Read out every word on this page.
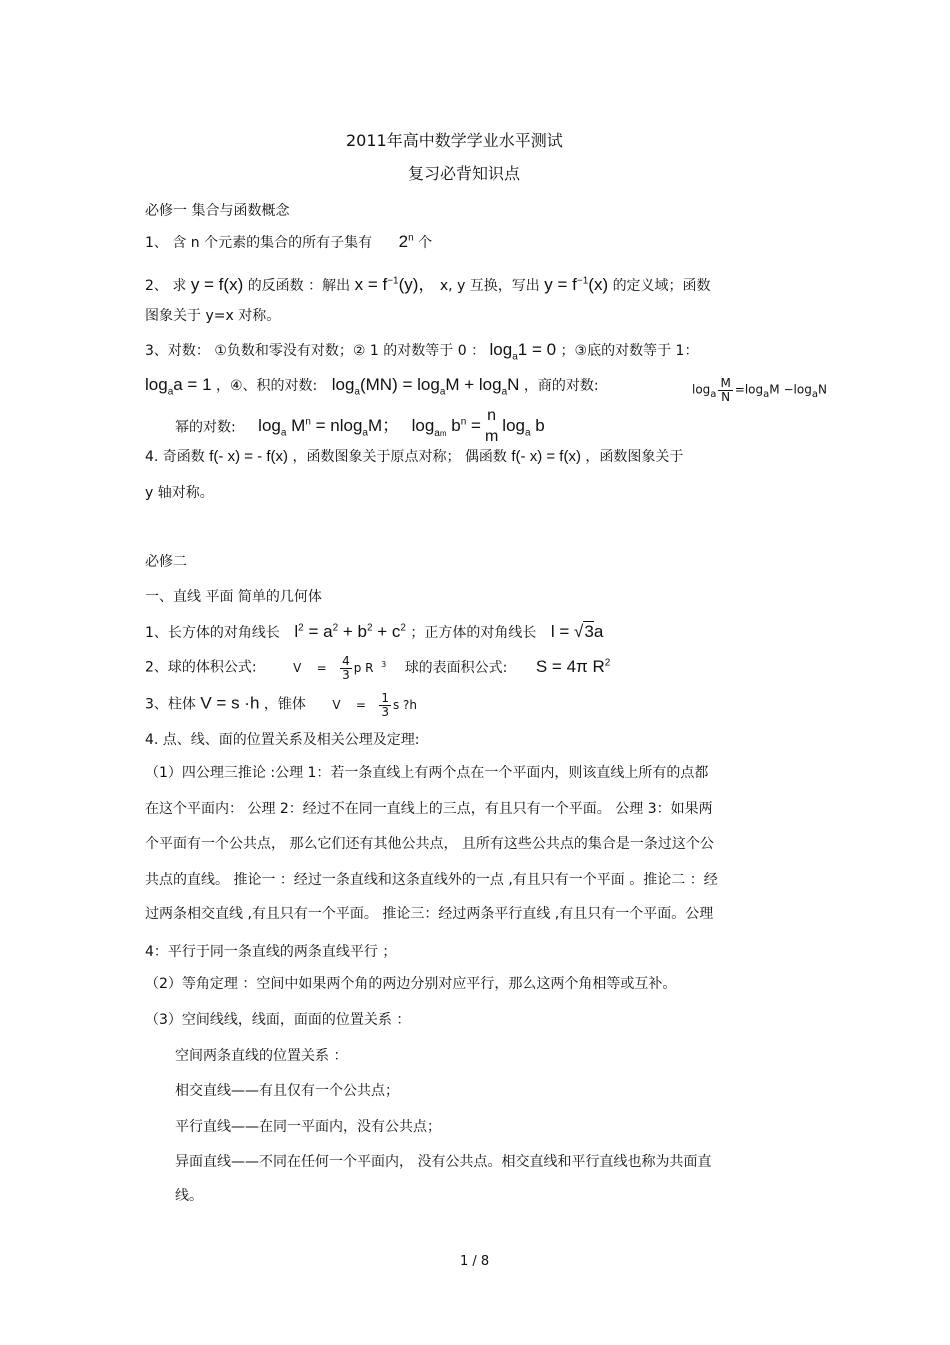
2011年高中数学学业水平测试
复习必背知识点
必修一 集合与函数概念
1、 含 n 个元素的集合的所有子集有 2$^n$ 个
2、 求 y = f(x) 的反函数 ：解出 $x = f^{-1}(y)$， x, y 互换，写出 $y = f^{-1}(x)$ 的定义域；函数
图象关于 y=x 对称。
3、对数： ①负数和零没有对数；② 1 的对数等于 0 ： $\log_a1 = 0$ ；③底的对数等于 1：
$\log_aa = 1$ ，④、积的对数: $\log_a(MN) = \log_aM + \log_aN$ ，商的对数:	$\log_a \frac{M}{N} =\log_aM -\log_aN$
幂的对数: $\log_a M^n = nlog_aM$； $\log_{am} b^n$ =
n
m
$\log_a b$
4. 奇函数 f(- x) = - f(x) ，函数图象关于原点对称； 偶函数 f(- x) = f(x) ，函数图象关于
y 轴对称。
必修二
一、直线 平面 简单的几何体
1、长方体的对角线长 $l^2 = a^2 + b^2 + c^2$ ；正方体的对角线长 l = √3a
2、球的体积公式:	$V = \frac{4}{3}$ p R $^3$ 球的表面积公式: S = 4π $R^2$
3、柱体 V = s ·h ，锥体 $V = \frac{1}{3}$ s ?h
4. 点、线、面的位置关系及相关公理及定理:
（1）四公理三推论 :公理 1：若一条直线上有两个点在一个平面内，则该直线上所有的点都
在这个平面内： 公理 2：经过不在同一直线上的三点，有且只有一个平面。 公理 3：如果两
个平面有一个公共点， 那么它们还有其他公共点， 且所有这些公共点的集合是一条过这个公
共点的直线。 推论一 ：经过一条直线和这条直线外的一点 ,有且只有一个平面 。推论二 ：经
过两条相交直线 ,有且只有一个平面。 推论三：经过两条平行直线 ,有且只有一个平面。公理
4：平行于同一条直线的两条直线平行 ；
（2）等角定理 ：空间中如果两个角的两边分别对应平行，那么这两个角相等或互补。
（3）空间线线，线面，面面的位置关系 ：
空间两条直线的位置关系 ：
相交直线——有且仅有一个公共点；
平行直线——在同一平面内，没有公共点；
异面直线——不同在任何一个平面内， 没有公共点。相交直线和平行直线也称为共面直
线。
1 / 8
